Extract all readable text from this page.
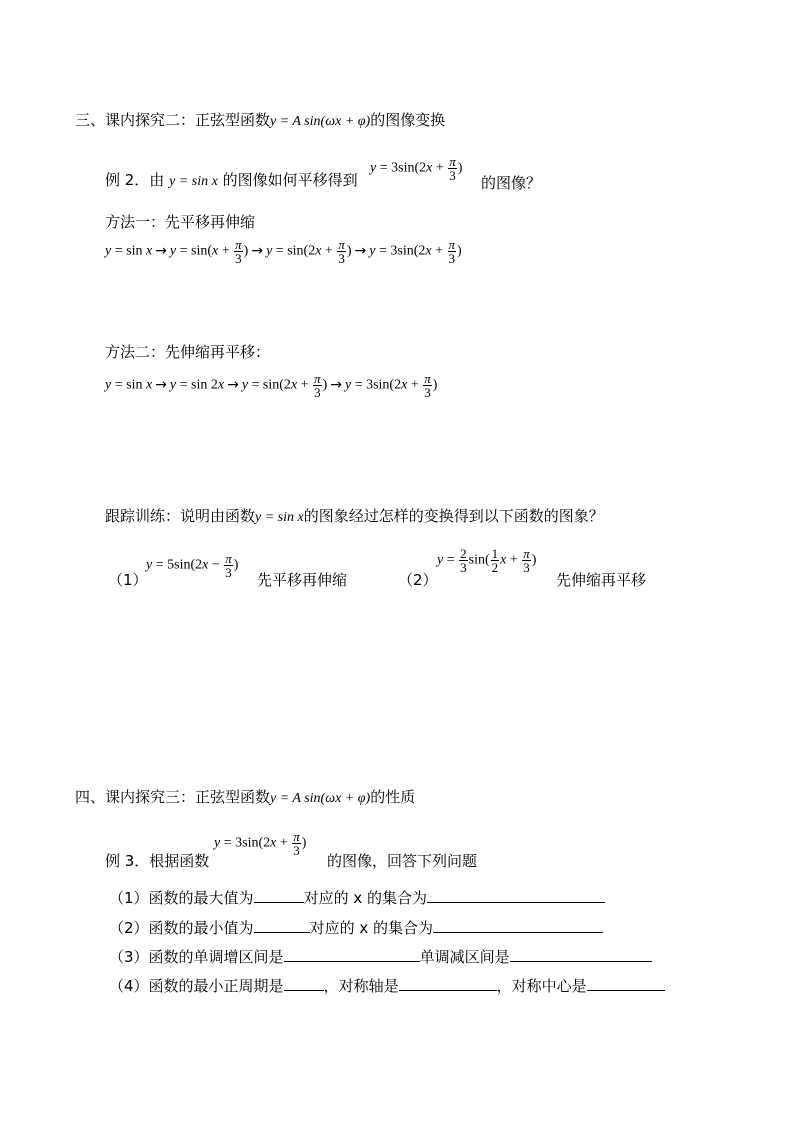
三、课内探究二：正弦型函数y = A sin(ωx + φ)的图像变换
例 2．由 y = sin x 的图像如何平移得到
$y = 3\sin(2x + \frac{\pi}{3}$ )
的图像？
方法一：先平移再伸缩
$y = \sin x \to y = \sin(x + \frac{\pi}{3}$ ) → $y = \sin(2x + \frac{\pi}{3}$ ) → $y = 3\sin(2x + \frac{\pi}{3}$ )
方法二：先伸缩再平移：
$y = \sin x \to y = \sin 2x \to y = \sin(2x + \frac{\pi}{3}$ ) → $y = 3\sin(2x + \frac{\pi}{3}$ )
跟踪训练：说明由函数y = sin x的图象经过怎样的变换得到以下函数的图象？
（1）
$y = 5\sin(2x - \frac{\pi}{3}$ )
先平移再伸缩	（2）
$y = \frac{2}{3} \sin( \frac{1}{2}$ $x + \frac{\pi}{3}$ )
先伸缩再平移
四、课内探究三：正弦型函数y = A sin(ωx + φ)的性质
例 3．根据函数
$y = 3\sin(2x + \frac{\pi}{3}$ )
的图像，回答下列问题
（1）函数的最大值为	对应的 x 的集合为
（2）函数的最小值为	对应的 x 的集合为
（3）函数的单调增区间是	单调减区间是
（4）函数的最小正周期是	，对称轴是	，对称中心是
